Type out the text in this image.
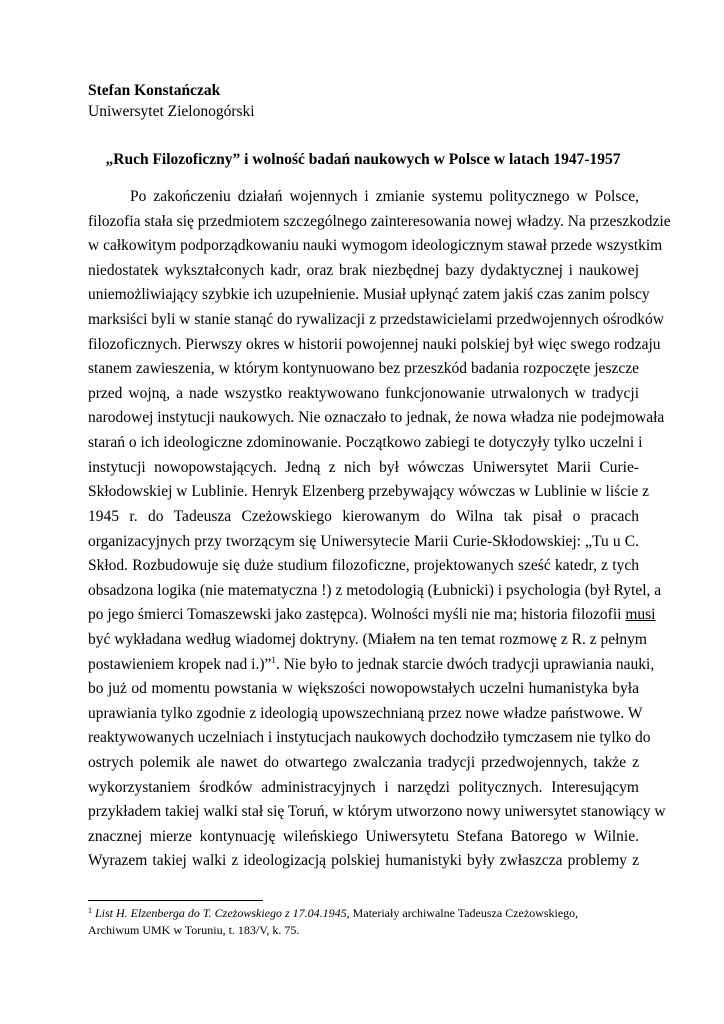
Stefan Konstańczak
Uniwersytet Zielonogórski
„Ruch Filozoficzny” i wolność badań naukowych w Polsce w latach 1947-1957
Po zakończeniu działań wojennych i zmianie systemu politycznego w Polsce,
filozofia stała się przedmiotem szczególnego zainteresowania nowej władzy. Na przeszkodzie
w całkowitym podporządkowaniu nauki wymogom ideologicznym stawał przede wszystkim
niedostatek wykształconych kadr, oraz brak niezbędnej bazy dydaktycznej i naukowej
uniemożliwiający szybkie ich uzupełnienie. Musiał upłynąć zatem jakiś czas zanim polscy
marksiści byli w stanie stanąć do rywalizacji z przedstawicielami przedwojennych ośrodków
filozoficznych. Pierwszy okres w historii powojennej nauki polskiej był więc swego rodzaju
stanem zawieszenia, w którym kontynuowano bez przeszkód badania rozpoczęte jeszcze
przed wojną, a nade wszystko reaktywowano funkcjonowanie utrwalonych w tradycji
narodowej instytucji naukowych. Nie oznaczało to jednak, że nowa władza nie podejmowała
starań o ich ideologiczne zdominowanie. Początkowo zabiegi te dotyczyły tylko uczelni i
instytucji nowopowstających. Jedną z nich był wówczas Uniwersytet Marii Curie-
Skłodowskiej w Lublinie. Henryk Elzenberg przebywający wówczas w Lublinie w liście z
1945 r. do Tadeusza Czeżowskiego kierowanym do Wilna tak pisał o pracach
organizacyjnych przy tworzącym się Uniwersytecie Marii Curie-Skłodowskiej: „Tu u C.
Skłod. Rozbudowuje się duże studium filozoficzne, projektowanych sześć katedr, z tych
obsadzona logika (nie matematyczna !) z metodologią (Łubnicki) i psychologia (był Rytel, a
po jego śmierci Tomaszewski jako zastępca). Wolności myśli nie ma; historia filozofii musi
być wykładana według wiadomej doktryny. (Miałem na ten temat rozmowę z R. z pełnym
postawieniem kropek nad i.)”$^1$. Nie było to jednak starcie dwóch tradycji uprawiania nauki,
bo już od momentu powstania w większości nowopowstałych uczelni humanistyka była
uprawiania tylko zgodnie z ideologią upowszechnianą przez nowe władze państwowe. W
reaktywowanych uczelniach i instytucjach naukowych dochodziło tymczasem nie tylko do
ostrych polemik ale nawet do otwartego zwalczania tradycji przedwojennych, także z
wykorzystaniem środków administracyjnych i narzędzi politycznych. Interesującym
przykładem takiej walki stał się Toruń, w którym utworzono nowy uniwersytet stanowiący w
znacznej mierze kontynuację wileńskiego Uniwersytetu Stefana Batorego w Wilnie.
Wyrazem takiej walki z ideologizacją polskiej humanistyki były zwłaszcza problemy z
$^1$ List H. Elzenberga do T. Czeżowskiego z 17.04.1945, Materiały archiwalne Tadeusza Czeżowskiego,
Archiwum UMK w Toruniu, t. 183/V, k. 75.
